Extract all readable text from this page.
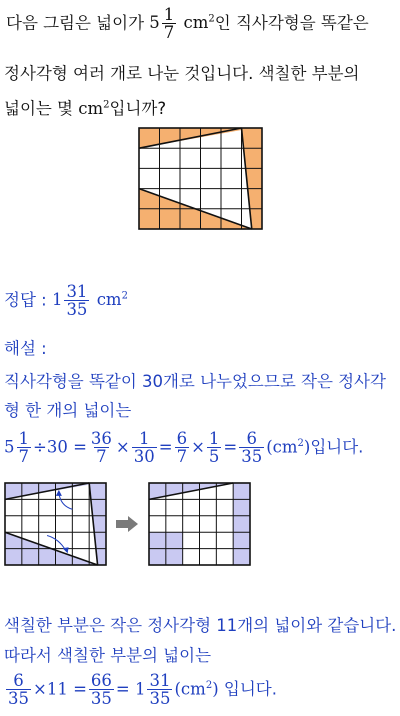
다음 그림은 넓이가 $5 \frac{1}{7} cm^2$인 직사각형을 똑같은
정사각형 여러 개로 나눈 것입니다. 색칠한 부분의
넓이는 몇 $cm^2$입니까?
정답 : $1 \frac{31}{35} cm^2$
해설 :
직사각형을 똑같이 30개로 나누었으므로 작은 정사각
형 한 개의 넓이는
$5 \frac{1}{7} \div 30 = \frac{36}{7} \times \frac{1}{30} = \frac{6}{7} \times \frac{1}{5} = \frac{6}{35} (cm^2)$입니다.
색칠한 부분은 작은 정사각형 11개의 넓이와 같습니다.
따라서 색칠한 부분의 넓이는
$\frac{6}{35} \times 11 = \frac{66}{35} = 1 \frac{31}{35} (cm^2)$ 입니다.
